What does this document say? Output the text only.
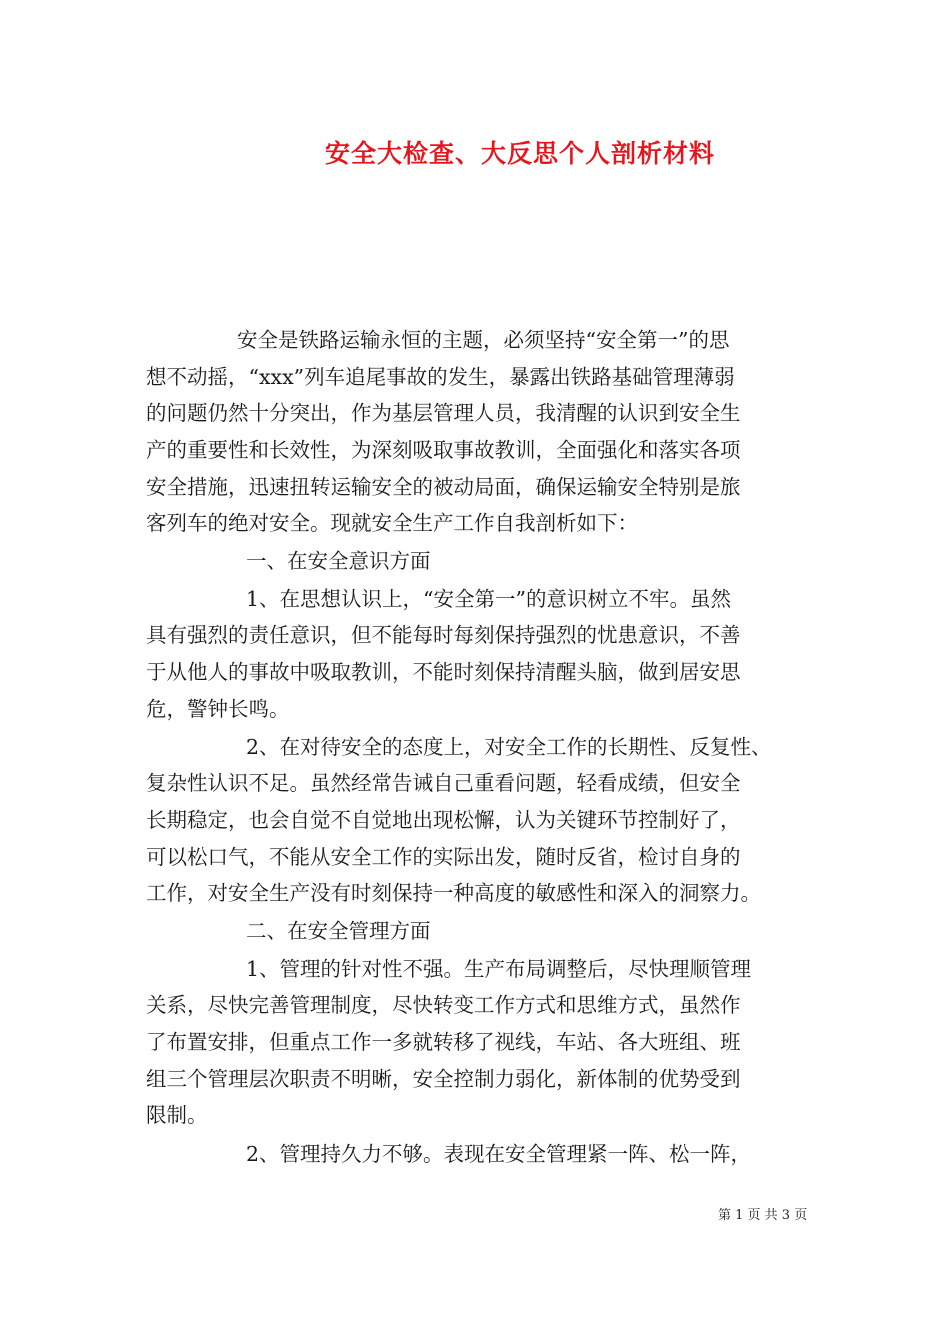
安全大检查、大反思个人剖析材料
安全是铁路运输永恒的主题，必须坚持“安全第一”的思
想不动摇，“xxx”列车追尾事故的发生，暴露出铁路基础管理薄弱
的问题仍然十分突出，作为基层管理人员，我清醒的认识到安全生
产的重要性和长效性，为深刻吸取事故教训，全面强化和落实各项
安全措施，迅速扭转运输安全的被动局面，确保运输安全特别是旅
客列车的绝对安全。现就安全生产工作自我剖析如下：
一、在安全意识方面
1、在思想认识上，“安全第一”的意识树立不牢。虽然
具有强烈的责任意识，但不能每时每刻保持强烈的忧患意识，不善
于从他人的事故中吸取教训，不能时刻保持清醒头脑，做到居安思
危，警钟长鸣。
2、在对待安全的态度上，对安全工作的长期性、反复性、
复杂性认识不足。虽然经常告诫自己重看问题，轻看成绩，但安全
长期稳定，也会自觉不自觉地出现松懈，认为关键环节控制好了，
可以松口气，不能从安全工作的实际出发，随时反省，检讨自身的
工作，对安全生产没有时刻保持一种高度的敏感性和深入的洞察力。
二、在安全管理方面
1、管理的针对性不强。生产布局调整后，尽快理顺管理
关系，尽快完善管理制度，尽快转变工作方式和思维方式，虽然作
了布置安排，但重点工作一多就转移了视线，车站、各大班组、班
组三个管理层次职责不明晰，安全控制力弱化，新体制的优势受到
限制。
2、管理持久力不够。表现在安全管理紧一阵、松一阵，
第 1 页 共 3 页
